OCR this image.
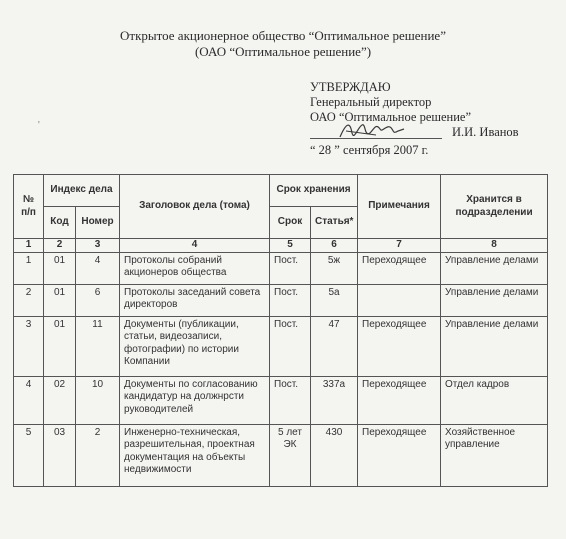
Открытое акционерное общество “Оптимальное решение”
(ОАО “Оптимальное решение”)
УТВЕРЖДАЮ
Генеральный директор
ОАО “Оптимальное решение”
И.И. Иванов
“ 28 ” сентября 2007 г.
'
№ п/п	Индекс дела		Заголовок дела (тома)	Срок хранения		Примечания	Хранится в подразделении
	Код	Номер		Срок	Статья*		
1	2	3	4	5	6	7	8
1	01	4	Протоколы собраний акционеров общества	Пост.	5ж	Переходящее	Управление делами
2	01	6	Протоколы заседаний совета директоров	Пост.	5а		Управление делами
3	01	11	Документы (публикации, статьи, видеозаписи, фотографии) по истории Компании	Пост.	47	Переходящее	Управление делами
4	02	10	Документы по согласованию кандидатур на должнрсти руководителей	Пост.	337а	Переходящее	Отдел кадров
5	03	2	Инженерно-техническая, разрешительная, проектная документация на объекты недвижимости	5 лет ЭК	430	Переходящее	Хозяйственное управление
